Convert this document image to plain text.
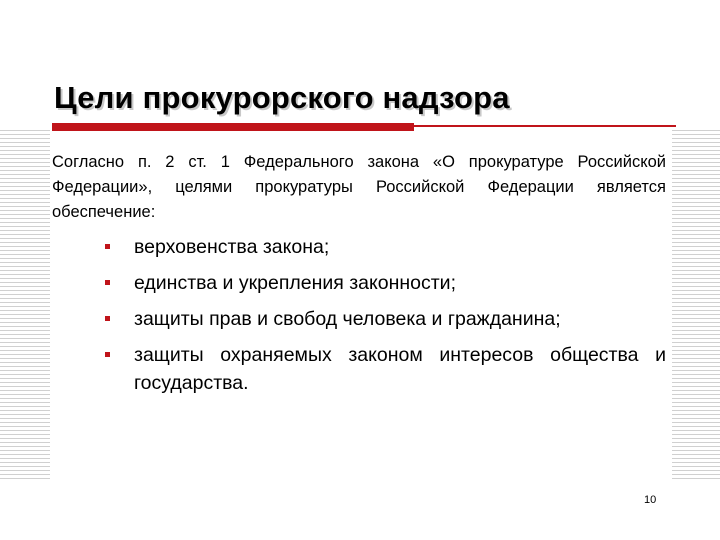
Цели прокурорского надзора

Согласно п. 2 ст. 1 Федерального закона «О прокуратуре Российской Федерации», целями прокуратуры Российской Федерации является обеспечение:

верховенства закона;
единства и укрепления законности;
защиты прав и свобод человека и гражданина;
защиты охраняемых законом интересов общества и государства.
10
